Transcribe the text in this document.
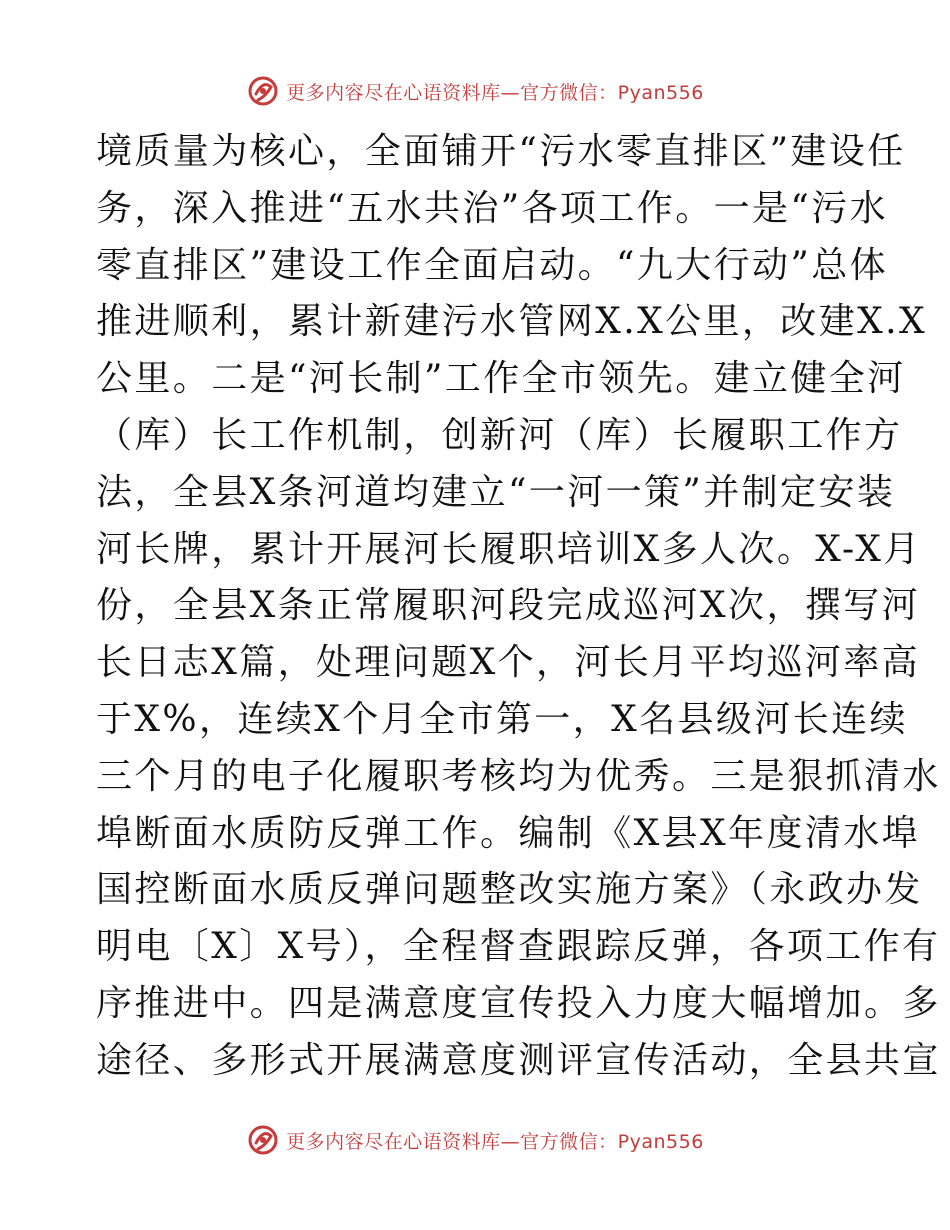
更多内容尽在心语资料库—官方微信：Pyan556
境质量为核心，全面铺开“污水零直排区”建设任
务，深入推进“五水共治”各项工作。一是“污水
零直排区”建设工作全面启动。“九大行动”总体
推进顺利，累计新建污水管网X.X公里，改建X.X
公里。二是“河长制”工作全市领先。建立健全河
（库）长工作机制，创新河（库）长履职工作方
法，全县X条河道均建立“一河一策”并制定安装
河长牌，累计开展河长履职培训X多人次。X-X月
份，全县X条正常履职河段完成巡河X次，撰写河
长日志X篇，处理问题X个，河长月平均巡河率高
于X%，连续X个月全市第一，X名县级河长连续
三个月的电子化履职考核均为优秀。三是狠抓清水
埠断面水质防反弹工作。编制《X县X年度清水埠
国控断面水质反弹问题整改实施方案》（永政办发
明电〔X〕X号），全程督查跟踪反弹，各项工作有
序推进中。四是满意度宣传投入力度大幅增加。多
途径、多形式开展满意度测评宣传活动，全县共宣
更多内容尽在心语资料库—官方微信：Pyan556
